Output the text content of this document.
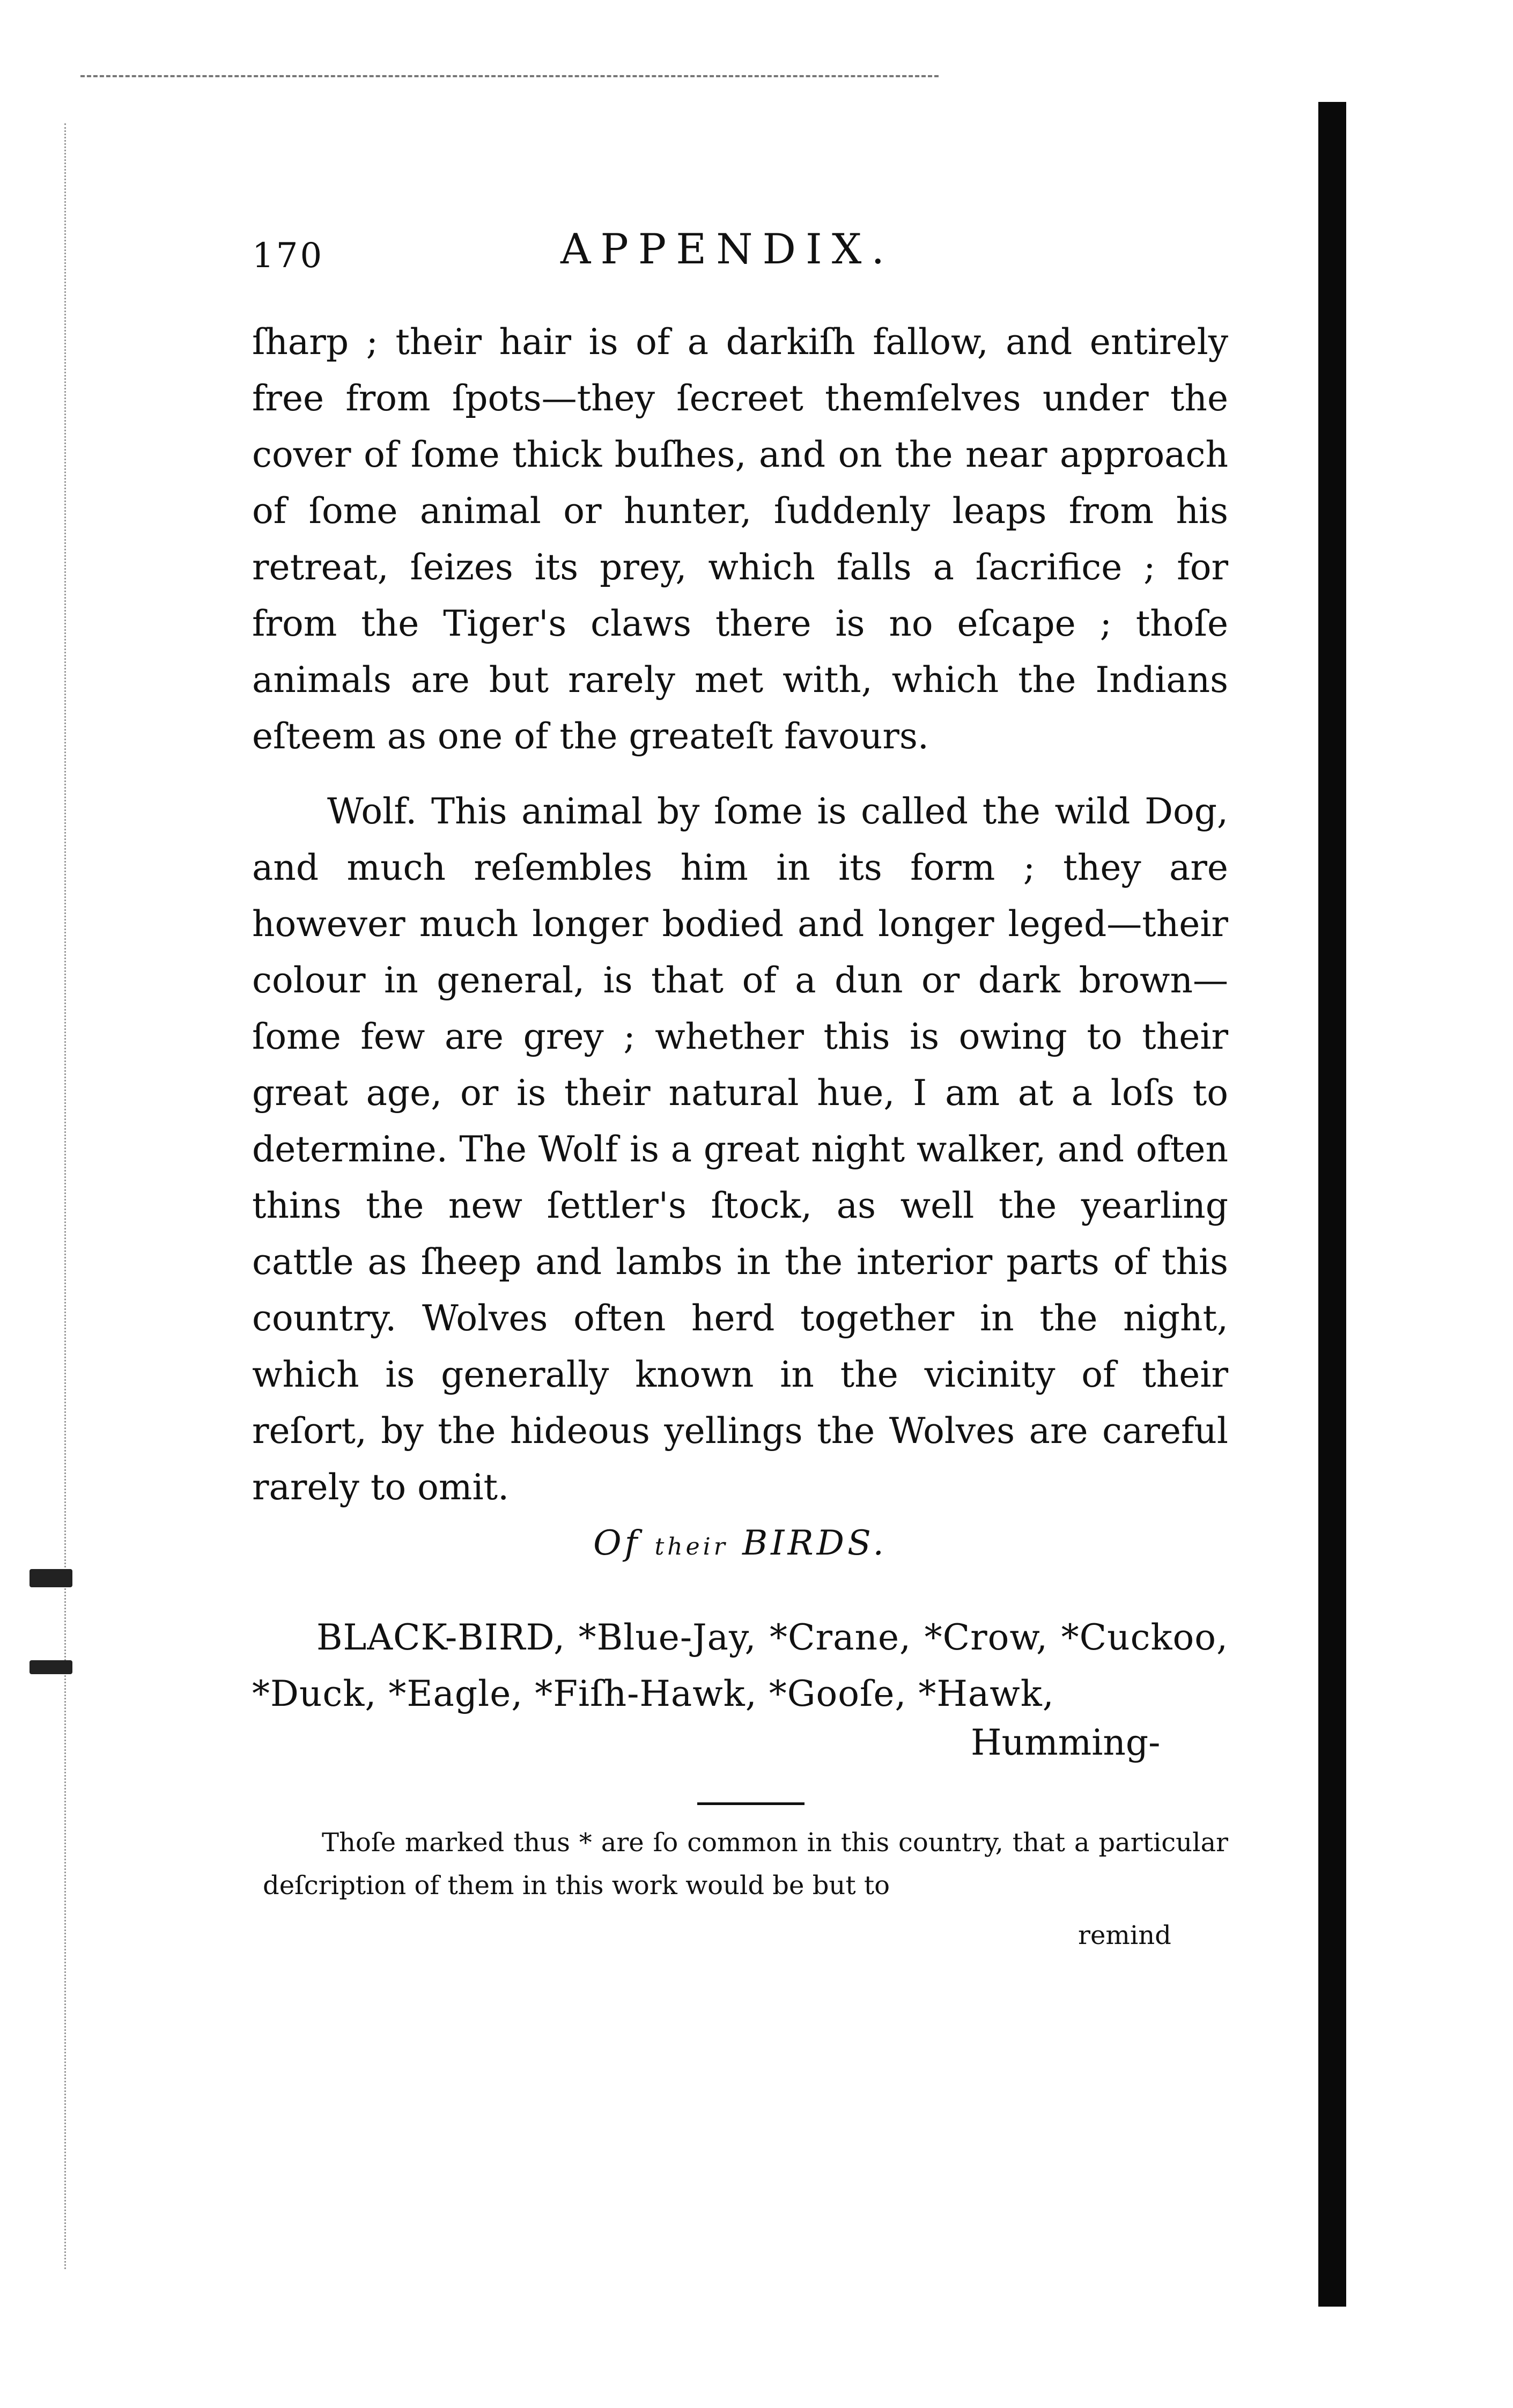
170	APPENDIX.

ſharp ; their hair is of a darkiſh fallow, and entirely free from ſpots—they ſecreet themſelves under the cover of ſome thick buſhes, and on the near approach of ſome animal or hunter, ſuddenly leaps from his retreat, ſeizes its prey, which falls a ſacrifice ; for from the Tiger's claws there is no eſcape ; thoſe animals are but rarely met with, which the Indians eſteem as one of the greateſt favours.

Wolf. This animal by ſome is called the wild Dog, and much reſembles him in its form ; they are however much longer bodied and longer leged—their colour in general, is that of a dun or dark brown—ſome few are grey ; whether this is owing to their great age, or is their natural hue, I am at a loſs to determine. The Wolf is a great night walker, and often thins the new ſettler's ſtock, as well the yearling cattle as ſheep and lambs in the interior parts of this country. Wolves often herd together in the night, which is generally known in the vicinity of their reſort, by the hideous yellings the Wolves are careful rarely to omit.

Of their BIRDS.

BLACK-BIRD, *Blue-Jay, *Crane, *Crow, *Cuckoo, *Duck, *Eagle, *Fiſh-Hawk, *Gooſe, *Hawk,

Humming-

Thoſe marked thus * are ſo common in this country, that a particular deſcription of them in this work would be but to

remind
